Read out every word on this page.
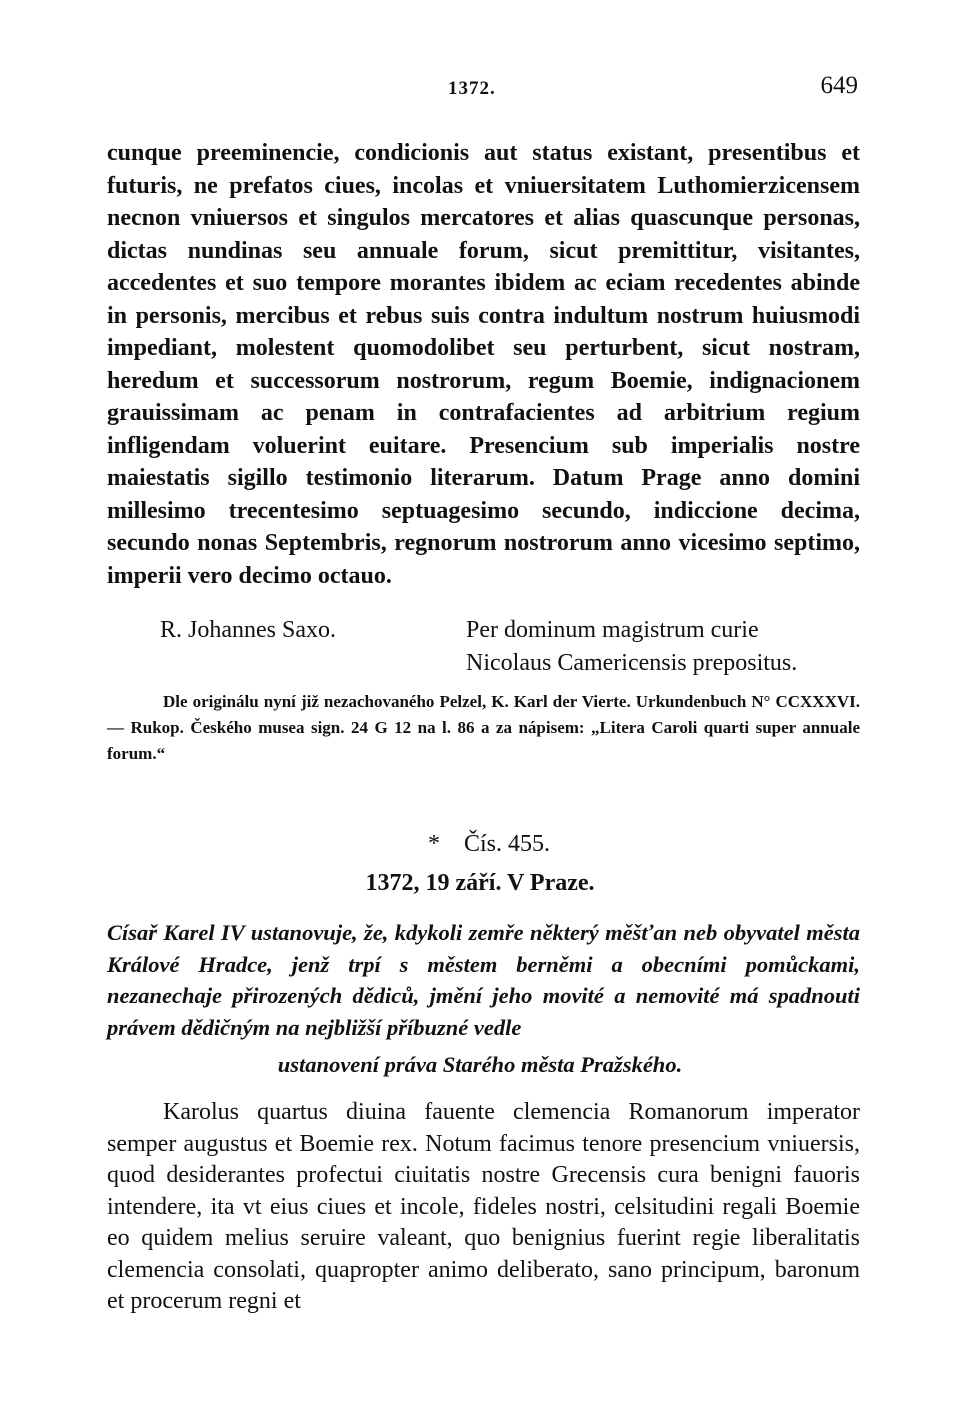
1372.	649

cunque preeminencie, condicionis aut status existant, presentibus et futuris, ne prefatos ciues, incolas et vniuersitatem Luthomierzicensem necnon vniuersos et singulos mercatores et alias quascunque personas, dictas nundinas seu annuale forum, sicut premittitur, visitantes, accedentes et suo tempore morantes ibidem ac eciam recedentes abinde in personis, mercibus et rebus suis contra indultum nostrum huiusmodi impediant, molestent quomodolibet seu perturbent, sicut nostram, heredum et successorum nostrorum, regum Boemie, indignacionem grauissimam ac penam in contrafacientes ad arbitrium regium infligendam voluerint euitare. Presencium sub imperialis nostre maiestatis sigillo testimonio literarum. Datum Prage anno domini millesimo trecentesimo septuagesimo secundo, indiccione decima, secundo nonas Septembris, regnorum nostrorum anno vicesimo septimo, imperii vero decimo octauo.

R. Johannes Saxo.	Per dominum magistrum curie
Nicolaus Camericensis prepositus.

Dle originálu nyní již nezachovaného Pelzel, K. Karl der Vierte. Urkundenbuch N° CCXXXVI. — Rukop. Českého musea sign. 24 G 12 na l. 86 a za nápisem: „Litera Caroli quarti super annuale forum.“

* Čís. 455.
1372, 19 září. V Praze.

Císař Karel IV ustanovuje, že, kdykoli zemře některý měšťan neb obyvatel města Králové Hradce, jenž trpí s městem berněmi a obecními pomůckami, nezanechaje přirozených dědiců, jmění jeho movité a nemovité má spadnouti právem dědičným na nejbližší příbuzné vedle

ustanovení práva Starého města Pražského.

Karolus quartus diuina fauente clemencia Romanorum imperator semper augustus et Boemie rex. Notum facimus tenore presencium vniuersis, quod desiderantes profectui ciuitatis nostre Grecensis cura benigni fauoris intendere, ita vt eius ciues et incole, fideles nostri, celsitudini regali Boemie eo quidem melius seruire valeant, quo benignius fuerint regie liberalitatis clemencia consolati, quapropter animo deliberato, sano principum, baronum et procerum regni et
